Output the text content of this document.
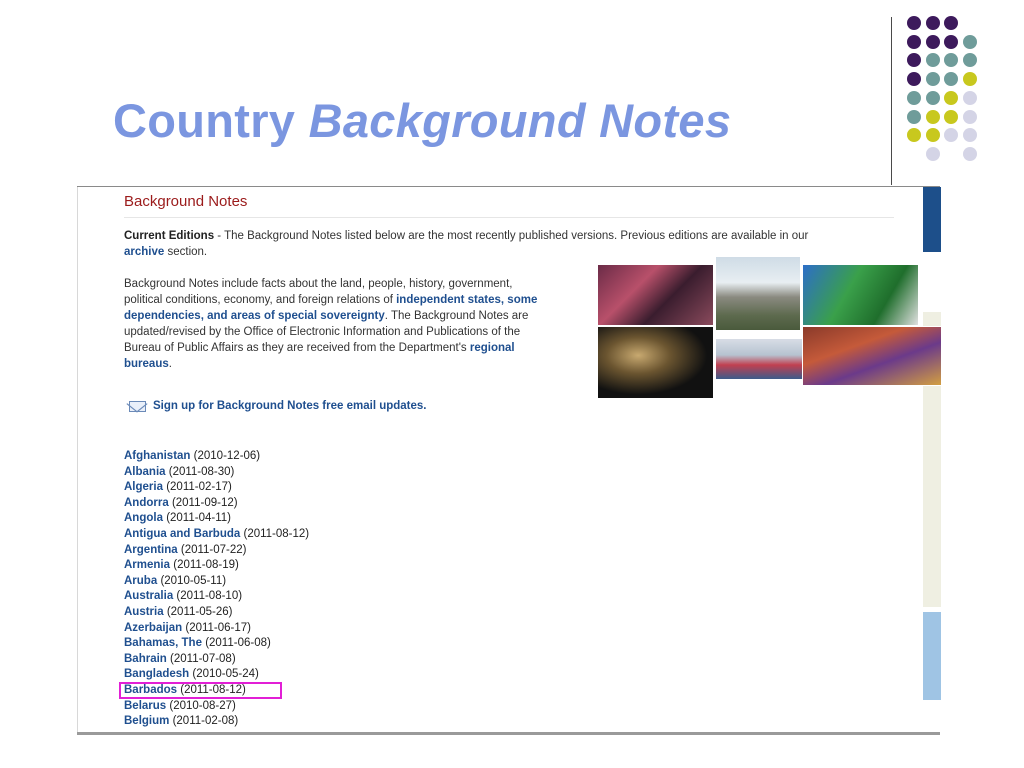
Country Background Notes
Background Notes
Current Editions - The Background Notes listed below are the most recently published versions. Previous editions are available in our archive section.
Background Notes include facts about the land, people, history, government, political conditions, economy, and foreign relations of independent states, some dependencies, and areas of special sovereignty. The Background Notes are updated/revised by the Office of Electronic Information and Publications of the Bureau of Public Affairs as they are received from the Department's regional bureaus.
Sign up for Background Notes free email updates.
Afghanistan (2010-12-06)
Albania (2011-08-30)
Algeria (2011-02-17)
Andorra (2011-09-12)
Angola (2011-04-11)
Antigua and Barbuda (2011-08-12)
Argentina (2011-07-22)
Armenia (2011-08-19)
Aruba (2010-05-11)
Australia (2011-08-10)
Austria (2011-05-26)
Azerbaijan (2011-06-17)
Bahamas, The (2011-06-08)
Bahrain (2011-07-08)
Bangladesh (2010-05-24)
Barbados (2011-08-12)
Belarus (2010-08-27)
Belgium (2011-02-08)
